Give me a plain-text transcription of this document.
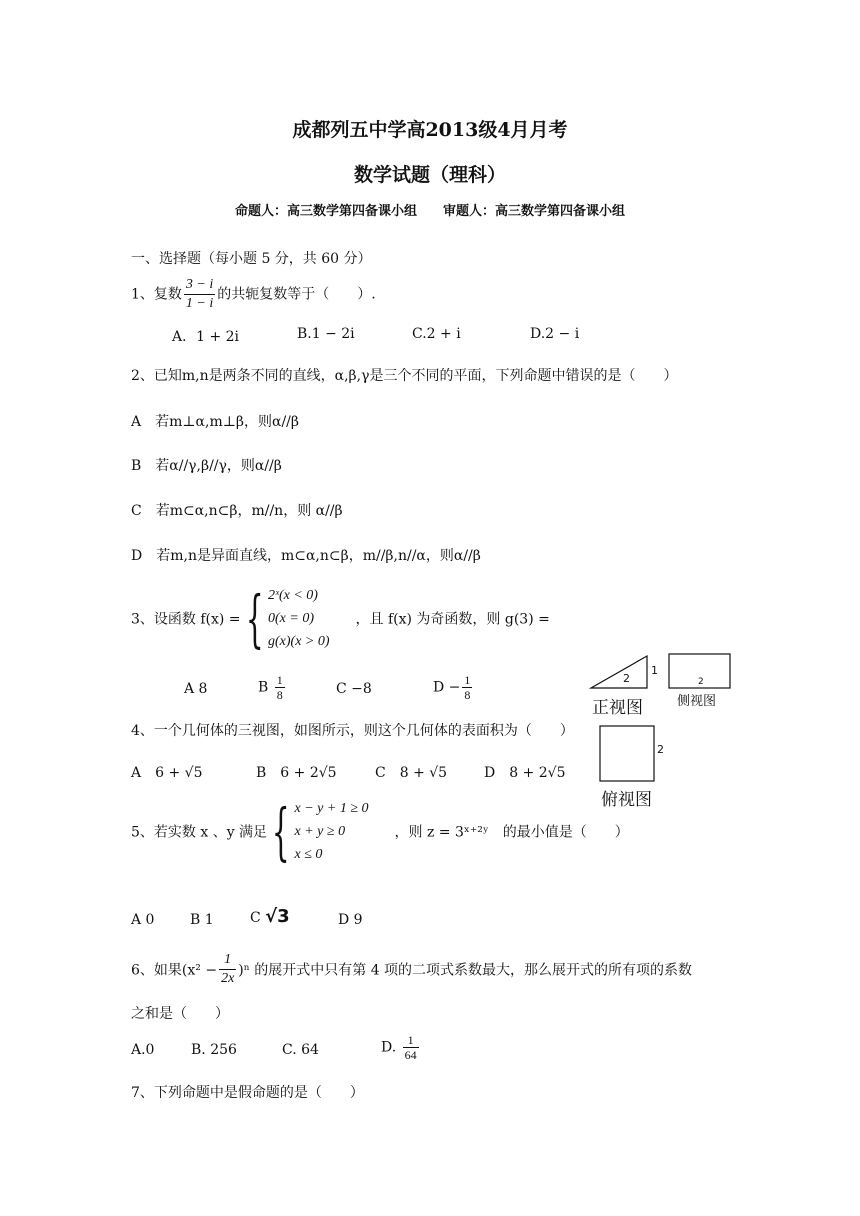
成都列五中学高2013级4月月考
数学试题（理科）
命题人：高三数学第四备课小组　　审题人：高三数学第四备课小组
一、选择题（每小题 5 分，共 60 分）
1、复数 $\frac{3 - i}{1 - i}$ 的共轭复数等于（　　）.
A．1 + 2i	B.1 − 2i	C.2 + i	D.2 − i
2、已知m,n是两条不同的直线，α,β,γ是三个不同的平面，下列命题中错误的是（　　）
A　若m⊥α,m⊥β，则α//β
B　若α//γ,β//γ，则α//β
C　若m⊂α,n⊂β，m//n，则 α//β
D　若m,n是异面直线，m⊂α,n⊂β，m//β,n//α，则α//β
3、设函数 f(x) ={ 2ˣ(x < 0)
0(x = 0)
g(x)(x > 0)
，且 f(x) 为奇函数，则 g(3) =
A 8	B $\frac{1}{8}$	C −8	$D - \frac{1}{8}$	2
1
2
2
正视图	侧视图
俯视图
4、一个几何体的三视图，如图所示，则这个几何体的表面积为（　　）
A　6 + √5	B　6 + 2√5	C　8 + √5	D　8 + 2√5
5、若实数 x 、y 满足{ x − y + 1 ≥ 0
x + y ≥ 0
x ≤ 0
，则 z = 3ˣ⁺²ʸ　的最小值是（　　）
A 0	B 1	C √3	D 9
6、如果$(x^2 - \frac{1}{2x} )^n$ 的展开式中只有第 4 项的二项式系数最大，那么展开式的所有项的系数
之和是（　　）
A.0	B. 256	C. 64	D. $\frac{1}{64}$
7、下列命题中是假命题的是（　　）
